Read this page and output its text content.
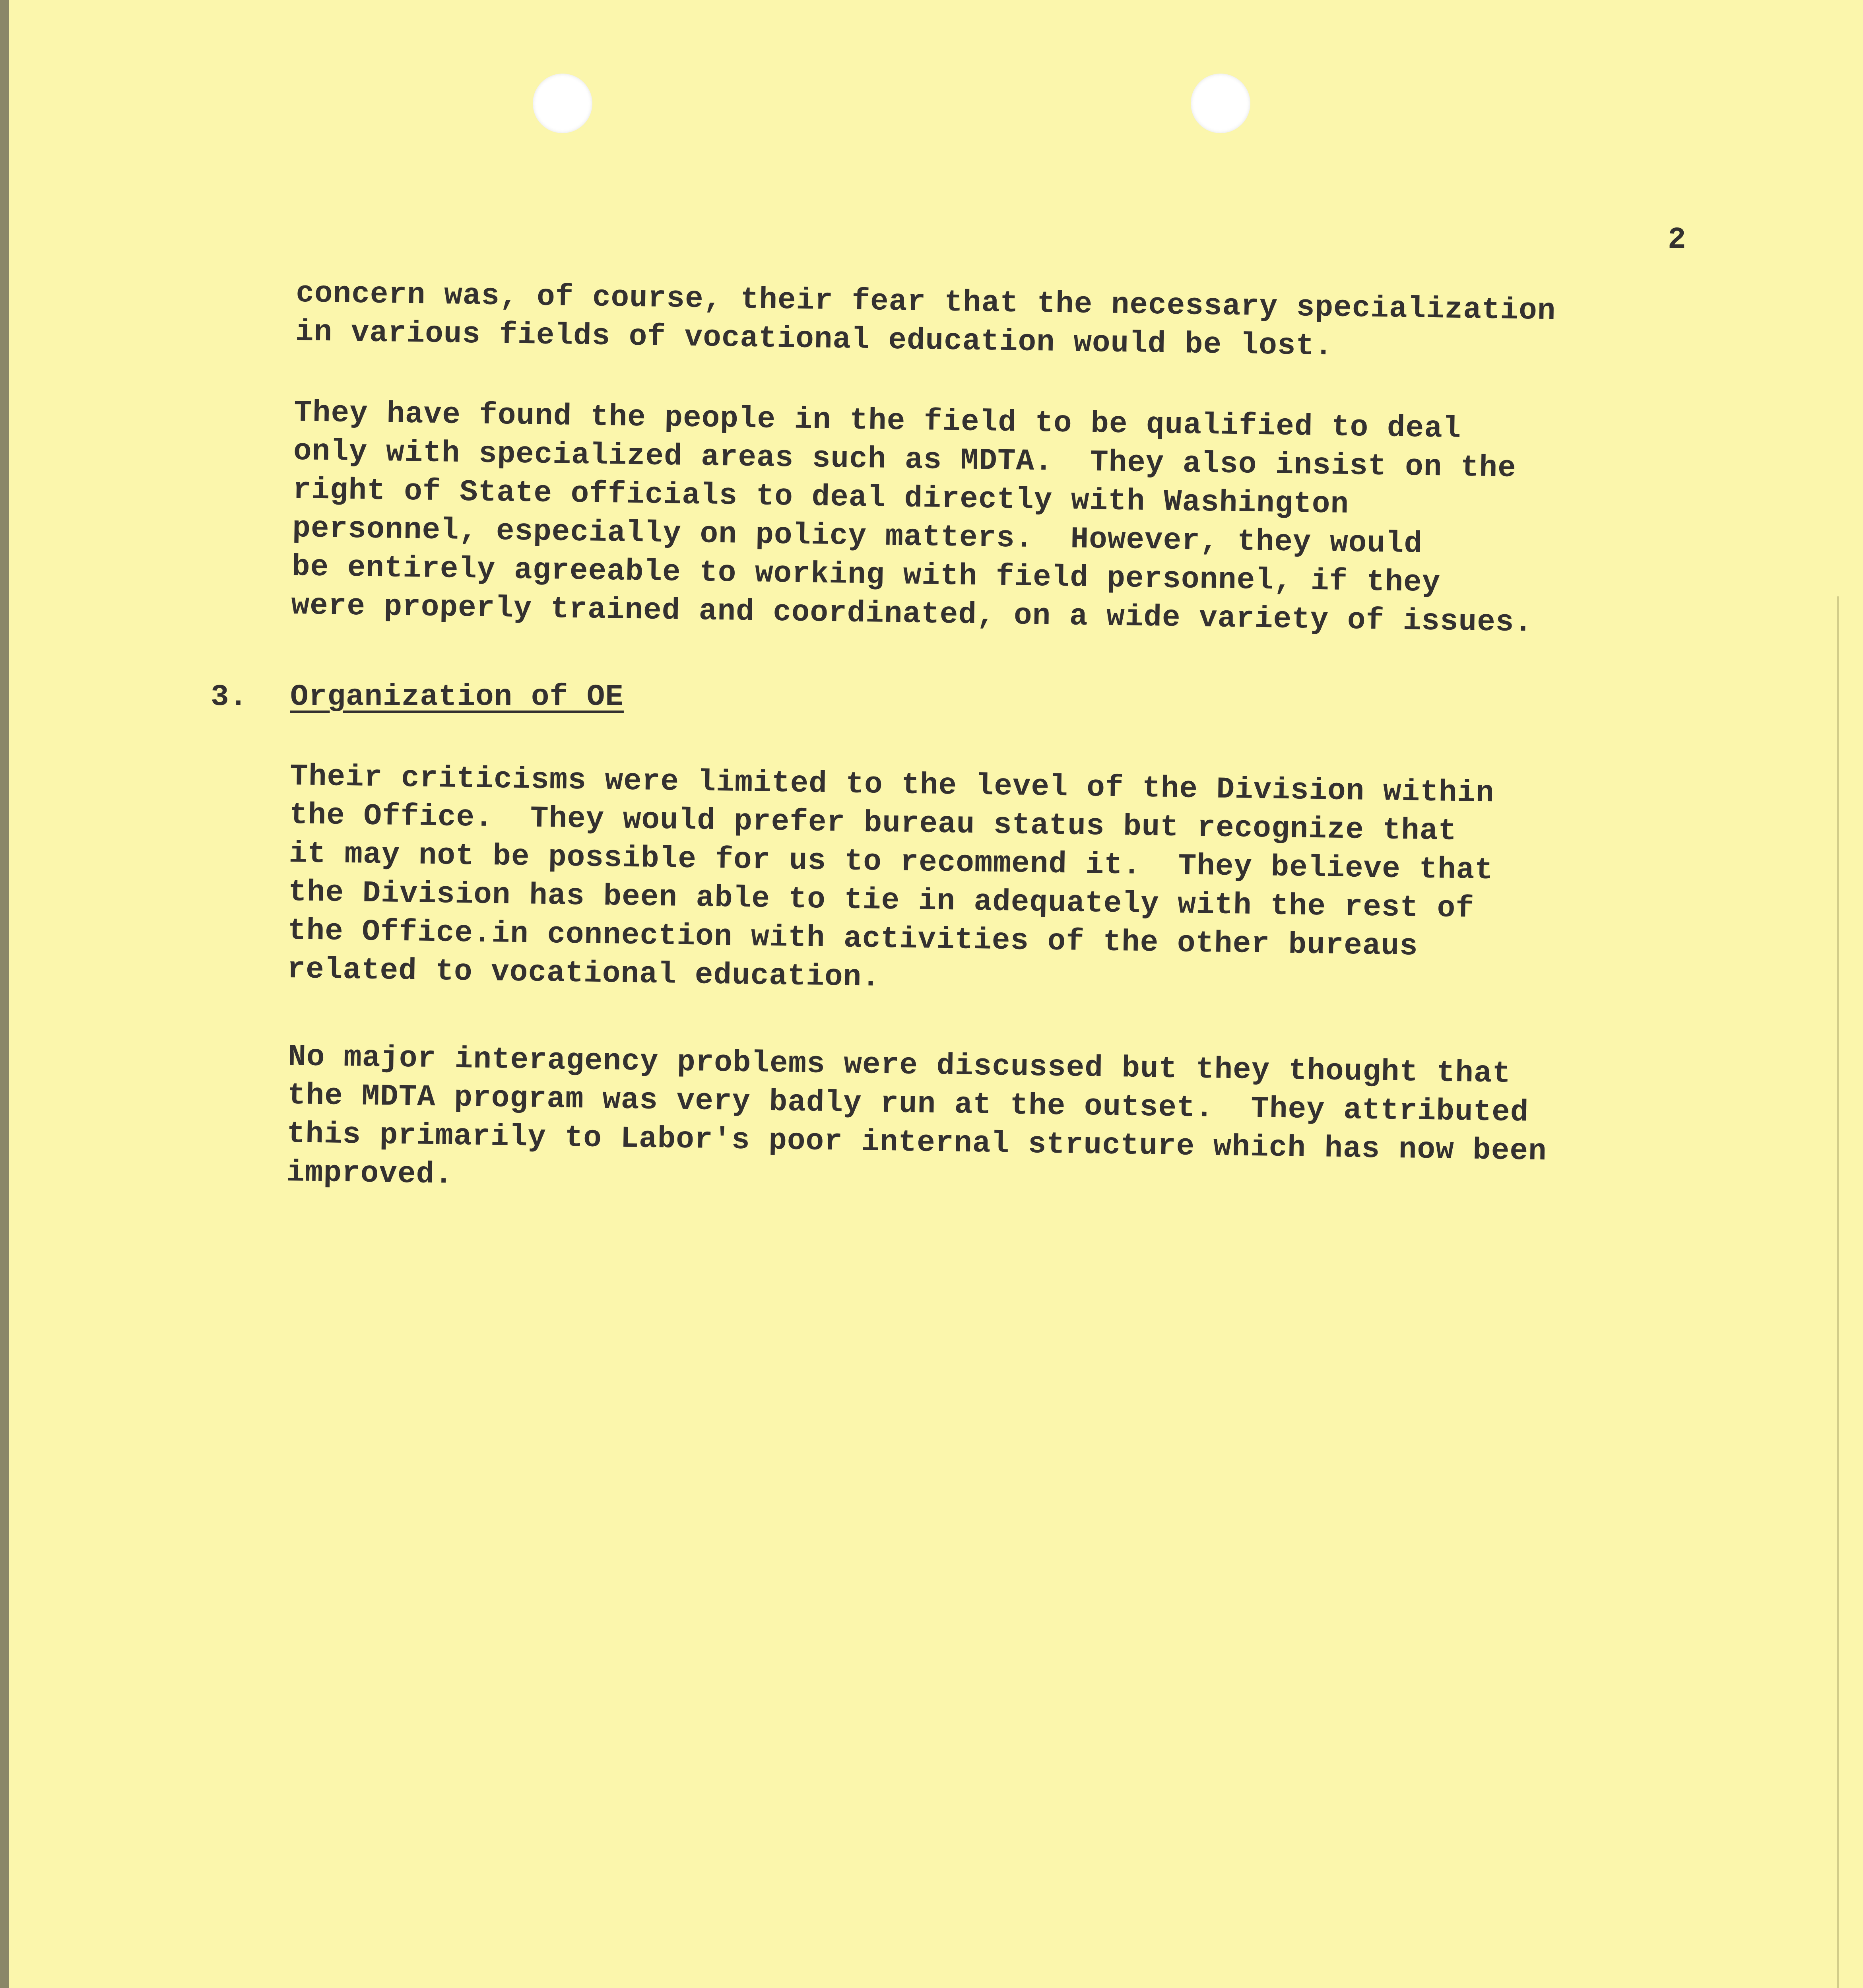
2

concern was, of course, their fear that the necessary specialization
in various fields of vocational education would be lost.

They have found the people in the field to be qualified to deal
only with specialized areas such as MDTA.  They also insist on the
right of State officials to deal directly with Washington
personnel, especially on policy matters.  However, they would
be entirely agreeable to working with field personnel, if they
were properly trained and coordinated, on a wide variety of issues.

3. Organization of OE

Their criticisms were limited to the level of the Division within
the Office.  They would prefer bureau status but recognize that
it may not be possible for us to recommend it.  They believe that
the Division has been able to tie in adequately with the rest of
the Office.in connection with activities of the other bureaus
related to vocational education.

No major interagency problems were discussed but they thought that
the MDTA program was very badly run at the outset.  They attributed
this primarily to Labor's poor internal structure which has now been
improved.
